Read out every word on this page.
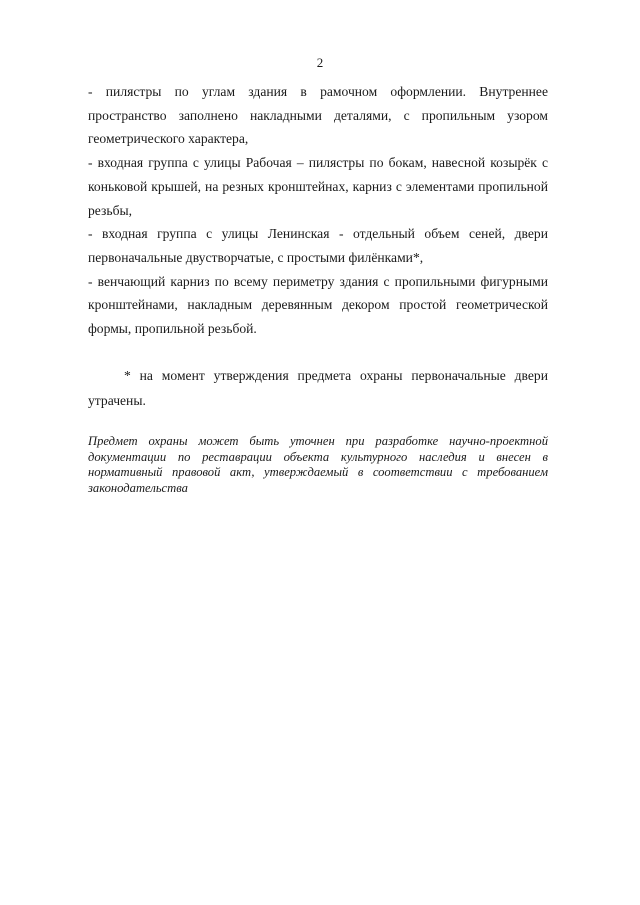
2

- пилястры по углам здания в рамочном оформлении. Внутреннее пространство заполнено накладными деталями, с пропильным узором геометрического характера,

- входная группа с улицы Рабочая – пилястры по бокам, навесной козырёк с коньковой крышей, на резных кронштейнах, карниз с элементами пропильной резьбы,

- входная группа с улицы Ленинская - отдельный объем сеней, двери первоначальные двустворчатые, с простыми филёнками*,

- венчающий карниз по всему периметру здания с пропильными фигурными кронштейнами, накладным деревянным декором простой геометрической формы, пропильной резьбой.

* на момент утверждения предмета охраны первоначальные двери утрачены.

Предмет охраны может быть уточнен при разработке научно-проектной документации по реставрации объекта культурного наследия и внесен в нормативный правовой акт, утверждаемый в соответствии с требованием законодательства
